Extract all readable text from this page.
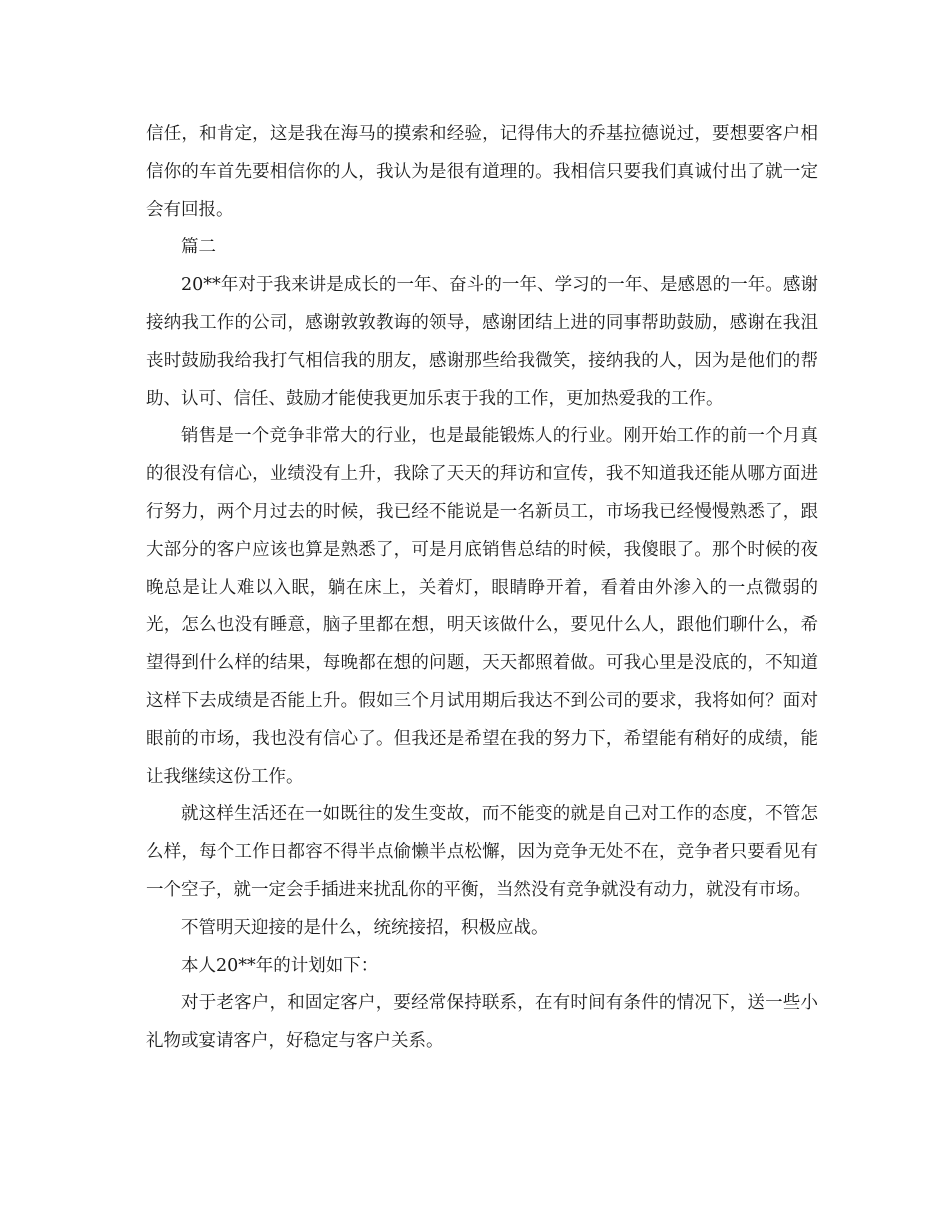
信任，和肯定，这是我在海马的摸索和经验，记得伟大的乔基拉德说过，要想要客户相信你的车首先要相信你的人，我认为是很有道理的。我相信只要我们真诚付出了就一定会有回报。

篇二

20**年对于我来讲是成长的一年、奋斗的一年、学习的一年、是感恩的一年。感谢接纳我工作的公司，感谢敦敦教诲的领导，感谢团结上进的同事帮助鼓励，感谢在我沮丧时鼓励我给我打气相信我的朋友，感谢那些给我微笑，接纳我的人，因为是他们的帮助、认可、信任、鼓励才能使我更加乐衷于我的工作，更加热爱我的工作。

销售是一个竞争非常大的行业，也是最能锻炼人的行业。刚开始工作的前一个月真的很没有信心，业绩没有上升，我除了天天的拜访和宣传，我不知道我还能从哪方面进行努力，两个月过去的时候，我已经不能说是一名新员工，市场我已经慢慢熟悉了，跟大部分的客户应该也算是熟悉了，可是月底销售总结的时候，我傻眼了。那个时候的夜晚总是让人难以入眠，躺在床上，关着灯，眼睛睁开着，看着由外渗入的一点微弱的光，怎么也没有睡意，脑子里都在想，明天该做什么，要见什么人，跟他们聊什么，希望得到什么样的结果，每晚都在想的问题，天天都照着做。可我心里是没底的，不知道这样下去成绩是否能上升。假如三个月试用期后我达不到公司的要求，我将如何？面对眼前的市场，我也没有信心了。但我还是希望在我的努力下，希望能有稍好的成绩，能让我继续这份工作。

就这样生活还在一如既往的发生变故，而不能变的就是自己对工作的态度，不管怎么样，每个工作日都容不得半点偷懒半点松懈，因为竞争无处不在，竞争者只要看见有一个空子，就一定会手插进来扰乱你的平衡，当然没有竞争就没有动力，就没有市场。

不管明天迎接的是什么，统统接招，积极应战。

本人20**年的计划如下：

对于老客户，和固定客户，要经常保持联系，在有时间有条件的情况下，送一些小礼物或宴请客户，好稳定与客户关系。
